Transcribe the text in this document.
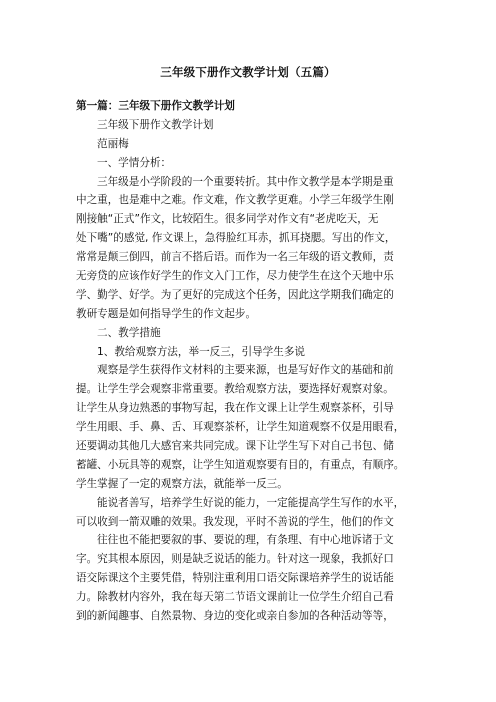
三年级下册作文教学计划（五篇）
第一篇：三年级下册作文教学计划
三年级下册作文教学计划
范丽梅
一、学情分析：
三年级是小学阶段的一个重要转折。其中作文教学是本学期是重
中之重，也是难中之难。作文难，作文教学更难。小学三年级学生刚
刚接触“正式”作文，比较陌生。很多同学对作文有“老虎吃天，无
处下嘴”的感觉, 作文课上，急得脸红耳赤，抓耳挠腮。写出的作文，
常常是颠三倒四，前言不搭后语。而作为一名三年级的语文教师，责
无旁贷的应该作好学生的作文入门工作，尽力使学生在这个天地中乐
学、勤学、好学。为了更好的完成这个任务，因此这学期我们确定的
教研专题是如何指导学生的作文起步。
二、教学措施
1、教给观察方法，举一反三，引导学生多说
观察是学生获得作文材料的主要来源，也是写好作文的基础和前
提。让学生学会观察非常重要。教给观察方法，要选择好观察对象。
让学生从身边熟悉的事物写起，我在作文课上让学生观察茶杯，引导
学生用眼、手、鼻、舌、耳观察茶杯，让学生知道观察不仅是用眼看，
还要调动其他几大感官来共同完成。课下让学生写下对自己书包、储
蓄罐、小玩具等的观察，让学生知道观察要有目的，有重点，有顺序。
学生掌握了一定的观察方法，就能举一反三。
能说者善写，培养学生好说的能力，一定能提高学生写作的水平，
可以收到一箭双雕的效果。我发现，平时不善说的学生，他们的作文
往往也不能把要叙的事、要说的理，有条理、有中心地诉诸于文
字。究其根本原因，则是缺乏说话的能力。针对这一现象，我抓好口
语交际课这个主要凭借，特别注重利用口语交际课培养学生的说话能
力。除教材内容外，我在每天第二节语文课前让一位学生介绍自己看
到的新闻趣事、自然景物、身边的变化或亲自参加的各种活动等等，
